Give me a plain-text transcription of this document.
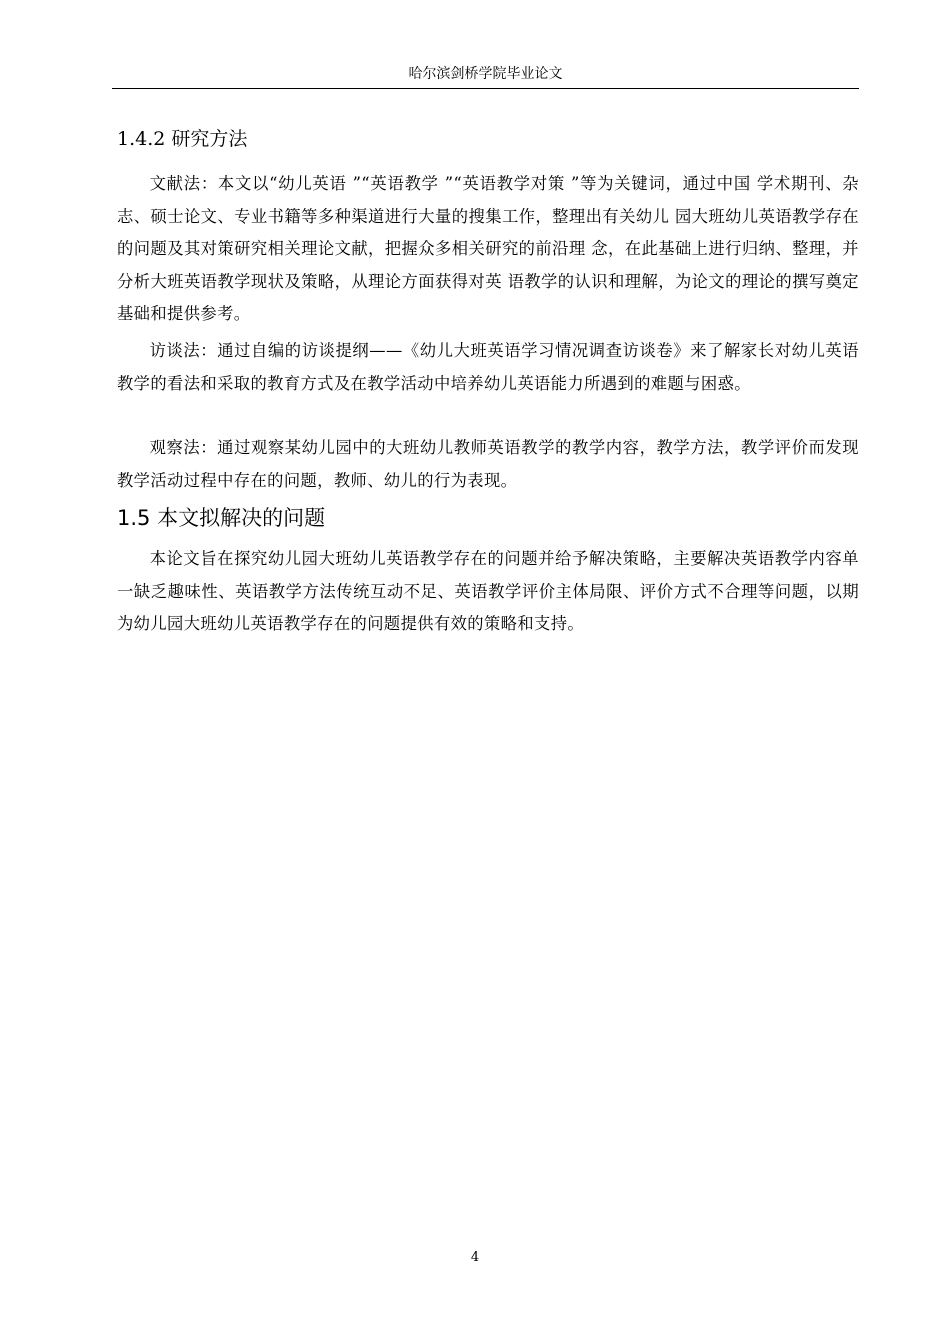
哈尔滨剑桥学院毕业论文
1.4.2 研究方法

文献法：本文以“幼儿英语 ”“英语教学 ”“英语教学对策 ”等为关键词，通过中国 学术期刊、杂志、硕士论文、专业书籍等多种渠道进行大量的搜集工作，整理出有关幼儿 园大班幼儿英语教学存在的问题及其对策研究相关理论文献，把握众多相关研究的前沿理 念，在此基础上进行归纳、整理，并分析大班英语教学现状及策略，从理论方面获得对英 语教学的认识和理解，为论文的理论的撰写奠定基础和提供参考。

访谈法：通过自编的访谈提纲——《幼儿大班英语学习情况调查访谈卷》来了解家长对幼儿英语教学的看法和采取的教育方式及在教学活动中培养幼儿英语能力所遇到的难题与困惑。

观察法：通过观察某幼儿园中的大班幼儿教师英语教学的教学内容，教学方法，教学评价而发现教学活动过程中存在的问题，教师、幼儿的行为表现。

1.5 本文拟解决的问题

本论文旨在探究幼儿园大班幼儿英语教学存在的问题并给予解决策略，主要解决英语教学内容单一缺乏趣味性、英语教学方法传统互动不足、英语教学评价主体局限、评价方式不合理等问题，以期为幼儿园大班幼儿英语教学存在的问题提供有效的策略和支持。

4
